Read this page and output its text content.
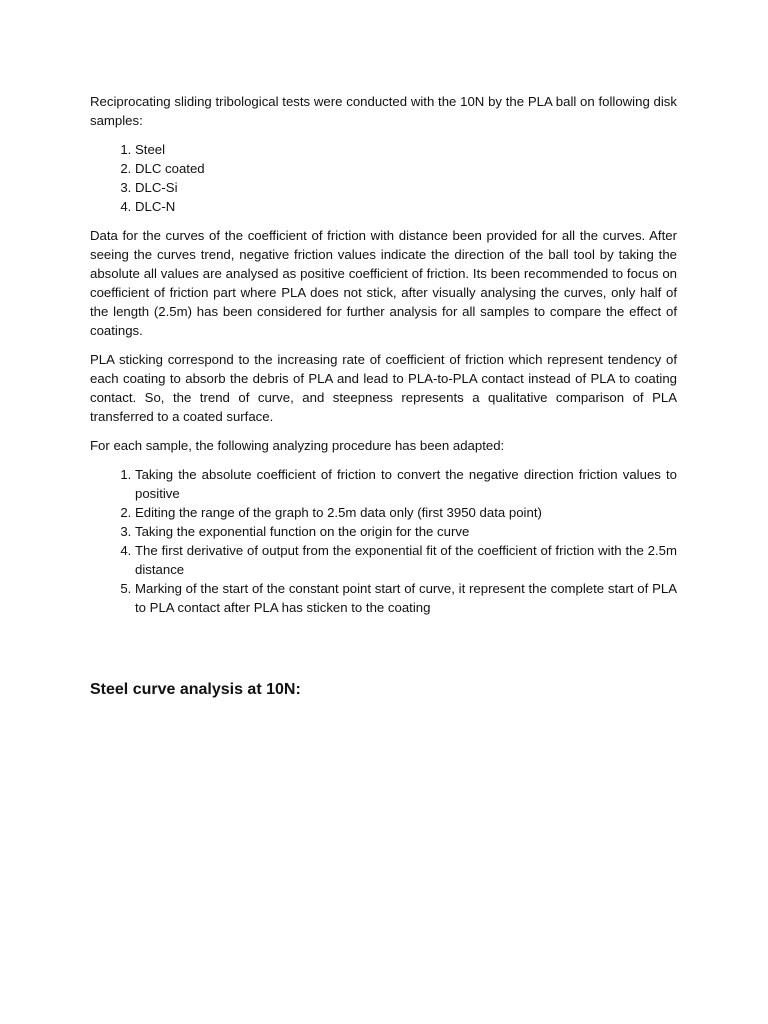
Reciprocating sliding tribological tests were conducted with the 10N by the PLA ball on following disk samples:

1. Steel
2. DLC coated
3. DLC-Si
4. DLC-N

Data for the curves of the coefficient of friction with distance been provided for all the curves. After seeing the curves trend, negative friction values indicate the direction of the ball tool by taking the absolute all values are analysed as positive coefficient of friction. Its been recommended to focus on coefficient of friction part where PLA does not stick, after visually analysing the curves, only half of the length (2.5m) has been considered for further analysis for all samples to compare the effect of coatings.

PLA sticking correspond to the increasing rate of coefficient of friction which represent tendency of each coating to absorb the debris of PLA and lead to PLA-to-PLA contact instead of PLA to coating contact. So, the trend of curve, and steepness represents a qualitative comparison of PLA transferred to a coated surface.

For each sample, the following analyzing procedure has been adapted:

1. Taking the absolute coefficient of friction to convert the negative direction friction values to positive
2. Editing the range of the graph to 2.5m data only (first 3950 data point)
3. Taking the exponential function on the origin for the curve
4. The first derivative of output from the exponential fit of the coefficient of friction with the 2.5m distance
5. Marking of the start of the constant point start of curve, it represent the complete start of PLA to PLA contact after PLA has sticken to the coating
Steel curve analysis at 10N:
